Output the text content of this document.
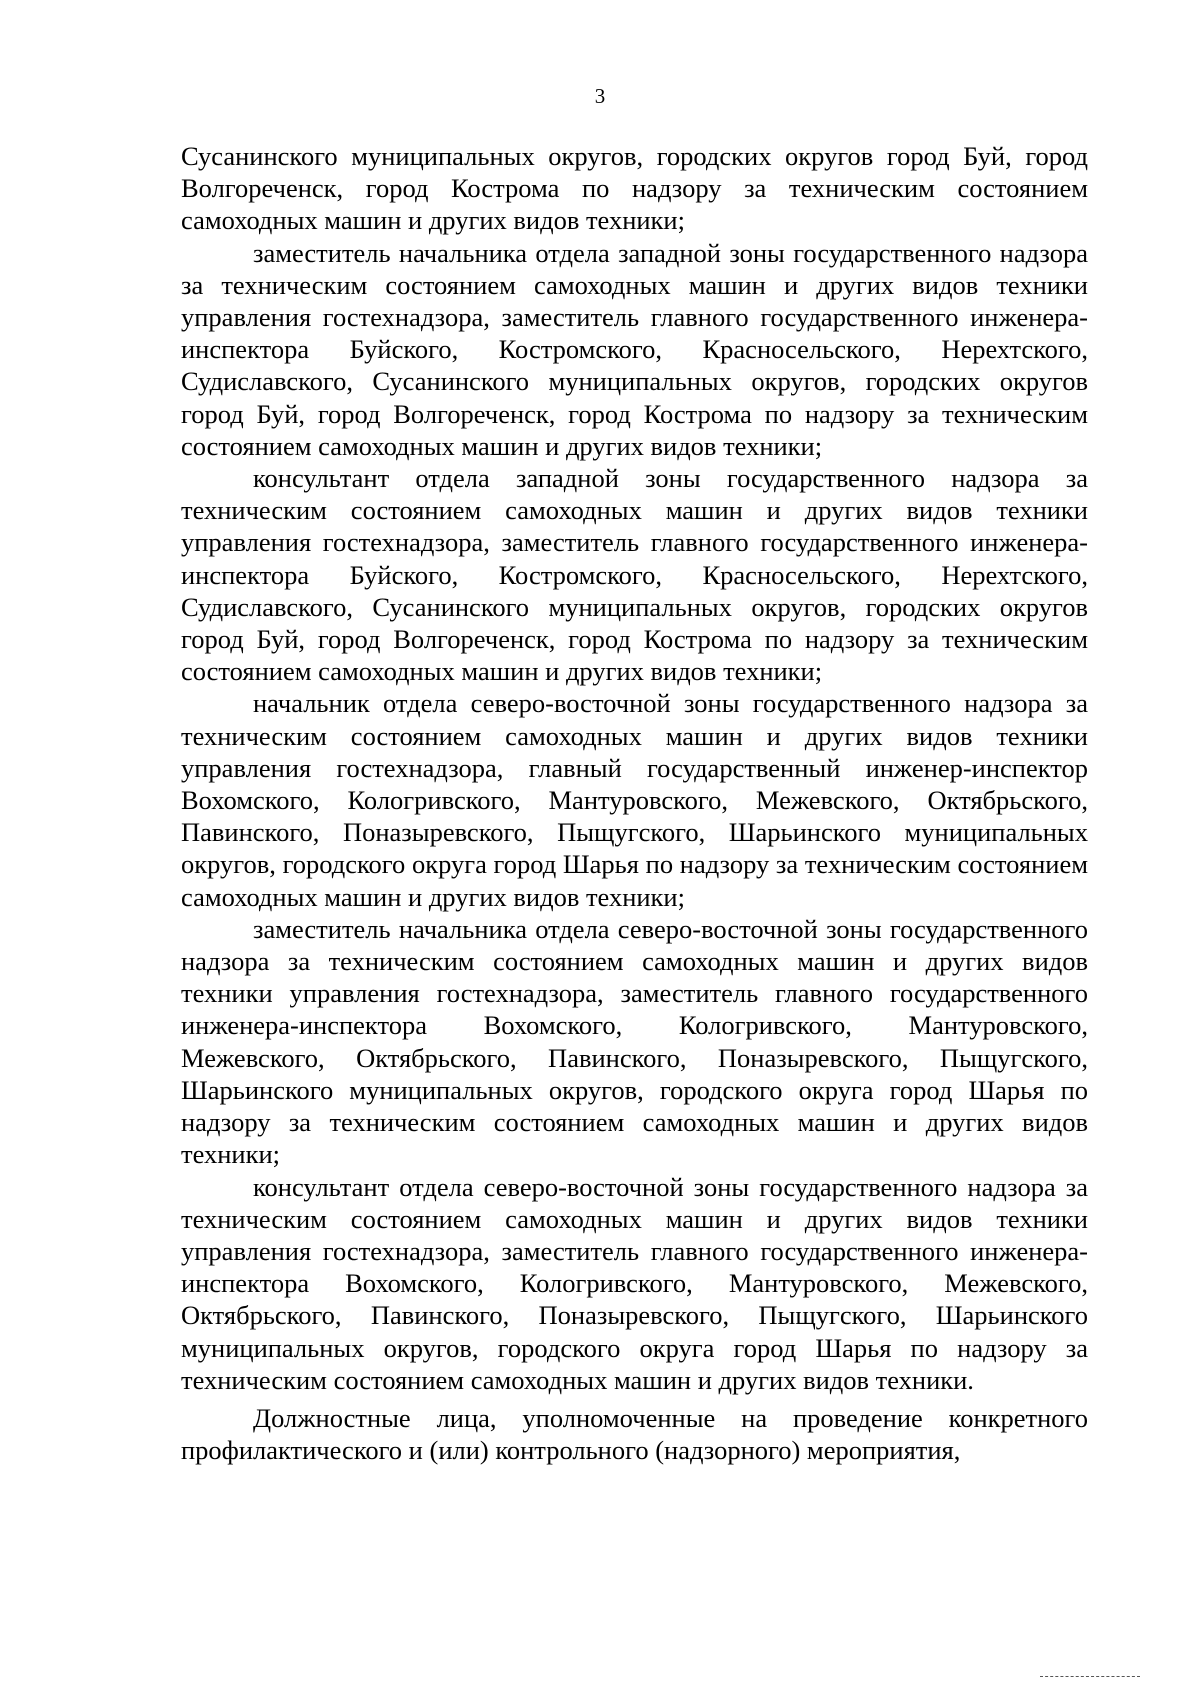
3

Сусанинского муниципальных округов, городских округов город Буй, город Волгореченск, город Кострома по надзору за техническим состоянием самоходных машин и других видов техники;

заместитель начальника отдела западной зоны государственного надзора за техническим состоянием самоходных машин и других видов техники управления гостехнадзора, заместитель главного государственного инженера-инспектора Буйского, Костромского, Красносельского, Нерехтского, Судиславского, Сусанинского муниципальных округов, городских округов город Буй, город Волгореченск, город Кострома по надзору за техническим состоянием самоходных машин и других видов техники;

консультант отдела западной зоны государственного надзора за техническим состоянием самоходных машин и других видов техники управления гостехнадзора, заместитель главного государственного инженера-инспектора Буйского, Костромского, Красносельского, Нерехтского, Судиславского, Сусанинского муниципальных округов, городских округов город Буй, город Волгореченск, город Кострома по надзору за техническим состоянием самоходных машин и других видов техники;

начальник отдела северо-восточной зоны государственного надзора за техническим состоянием самоходных машин и других видов техники управления гостехнадзора, главный государственный инженер-инспектор Вохомского, Кологривского, Мантуровского, Межевского, Октябрьского, Павинского, Поназыревского, Пыщугского, Шарьинского муниципальных округов, городского округа город Шарья по надзору за техническим состоянием самоходных машин и других видов техники;

заместитель начальника отдела северо-восточной зоны государственного надзора за техническим состоянием самоходных машин и других видов техники управления гостехнадзора, заместитель главного государственного инженера-инспектора Вохомского, Кологривского, Мантуровского, Межевского, Октябрьского, Павинского, Поназыревского, Пыщугского, Шарьинского муниципальных округов, городского округа город Шарья по надзору за техническим состоянием самоходных машин и других видов техники;

консультант отдела северо-восточной зоны государственного надзора за техническим состоянием самоходных машин и других видов техники управления гостехнадзора, заместитель главного государственного инженера-инспектора Вохомского, Кологривского, Мантуровского, Межевского, Октябрьского, Павинского, Поназыревского, Пыщугского, Шарьинского муниципальных округов, городского округа город Шарья по надзору за техническим состоянием самоходных машин и других видов техники.

Должностные лица, уполномоченные на проведение конкретного профилактического и (или) контрольного (надзорного) мероприятия,
